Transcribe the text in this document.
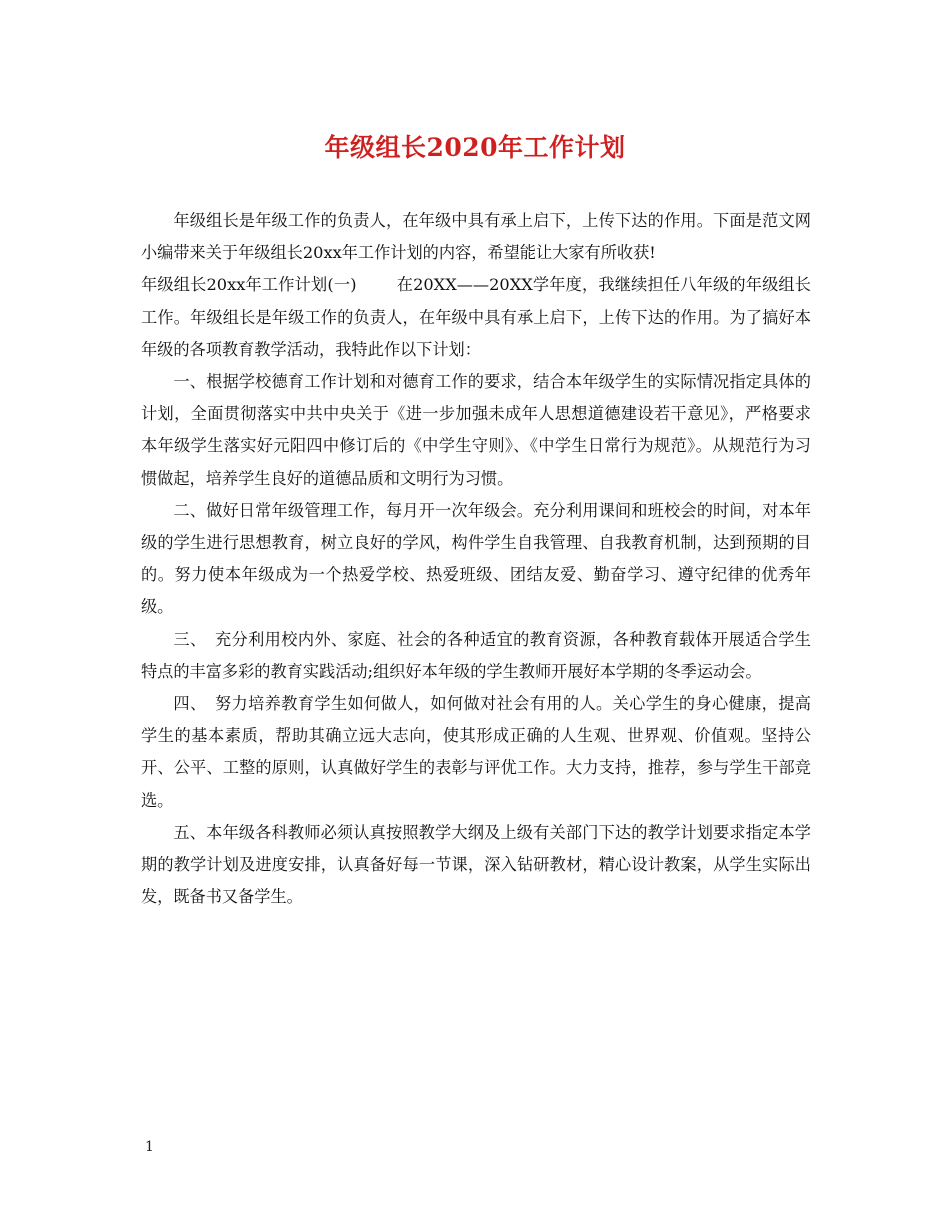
年级组长2020年工作计划

年级组长是年级工作的负责人，在年级中具有承上启下，上传下达的作用。下面是范文网小编带来关于年级组长20xx年工作计划的内容，希望能让大家有所收获!

年级组长20xx年工作计划(一) 在20XX——20XX学年度，我继续担任八年级的年级组长工作。年级组长是年级工作的负责人，在年级中具有承上启下，上传下达的作用。为了搞好本年级的各项教育教学活动，我特此作以下计划：

一、根据学校德育工作计划和对德育工作的要求，结合本年级学生的实际情况指定具体的计划，全面贯彻落实中共中央关于《进一步加强未成年人思想道德建设若干意见》，严格要求本年级学生落实好元阳四中修订后的《中学生守则》、《中学生日常行为规范》。从规范行为习惯做起，培养学生良好的道德品质和文明行为习惯。

二、做好日常年级管理工作，每月开一次年级会。充分利用课间和班校会的时间，对本年级的学生进行思想教育，树立良好的学风，构件学生自我管理、自我教育机制，达到预期的目的。努力使本年级成为一个热爱学校、热爱班级、团结友爱、勤奋学习、遵守纪律的优秀年级。

三、　充分利用校内外、家庭、社会的各种适宜的教育资源，各种教育载体开展适合学生特点的丰富多彩的教育实践活动;组织好本年级的学生教师开展好本学期的冬季运动会。

四、　努力培养教育学生如何做人，如何做对社会有用的人。关心学生的身心健康，提高学生的基本素质，帮助其确立远大志向，使其形成正确的人生观、世界观、价值观。坚持公开、公平、工整的原则，认真做好学生的表彰与评优工作。大力支持，推荐，参与学生干部竞选。

五、本年级各科教师必须认真按照教学大纲及上级有关部门下达的教学计划要求指定本学期的教学计划及进度安排，认真备好每一节课，深入钻研教材，精心设计教案，从学生实际出发，既备书又备学生。

1
